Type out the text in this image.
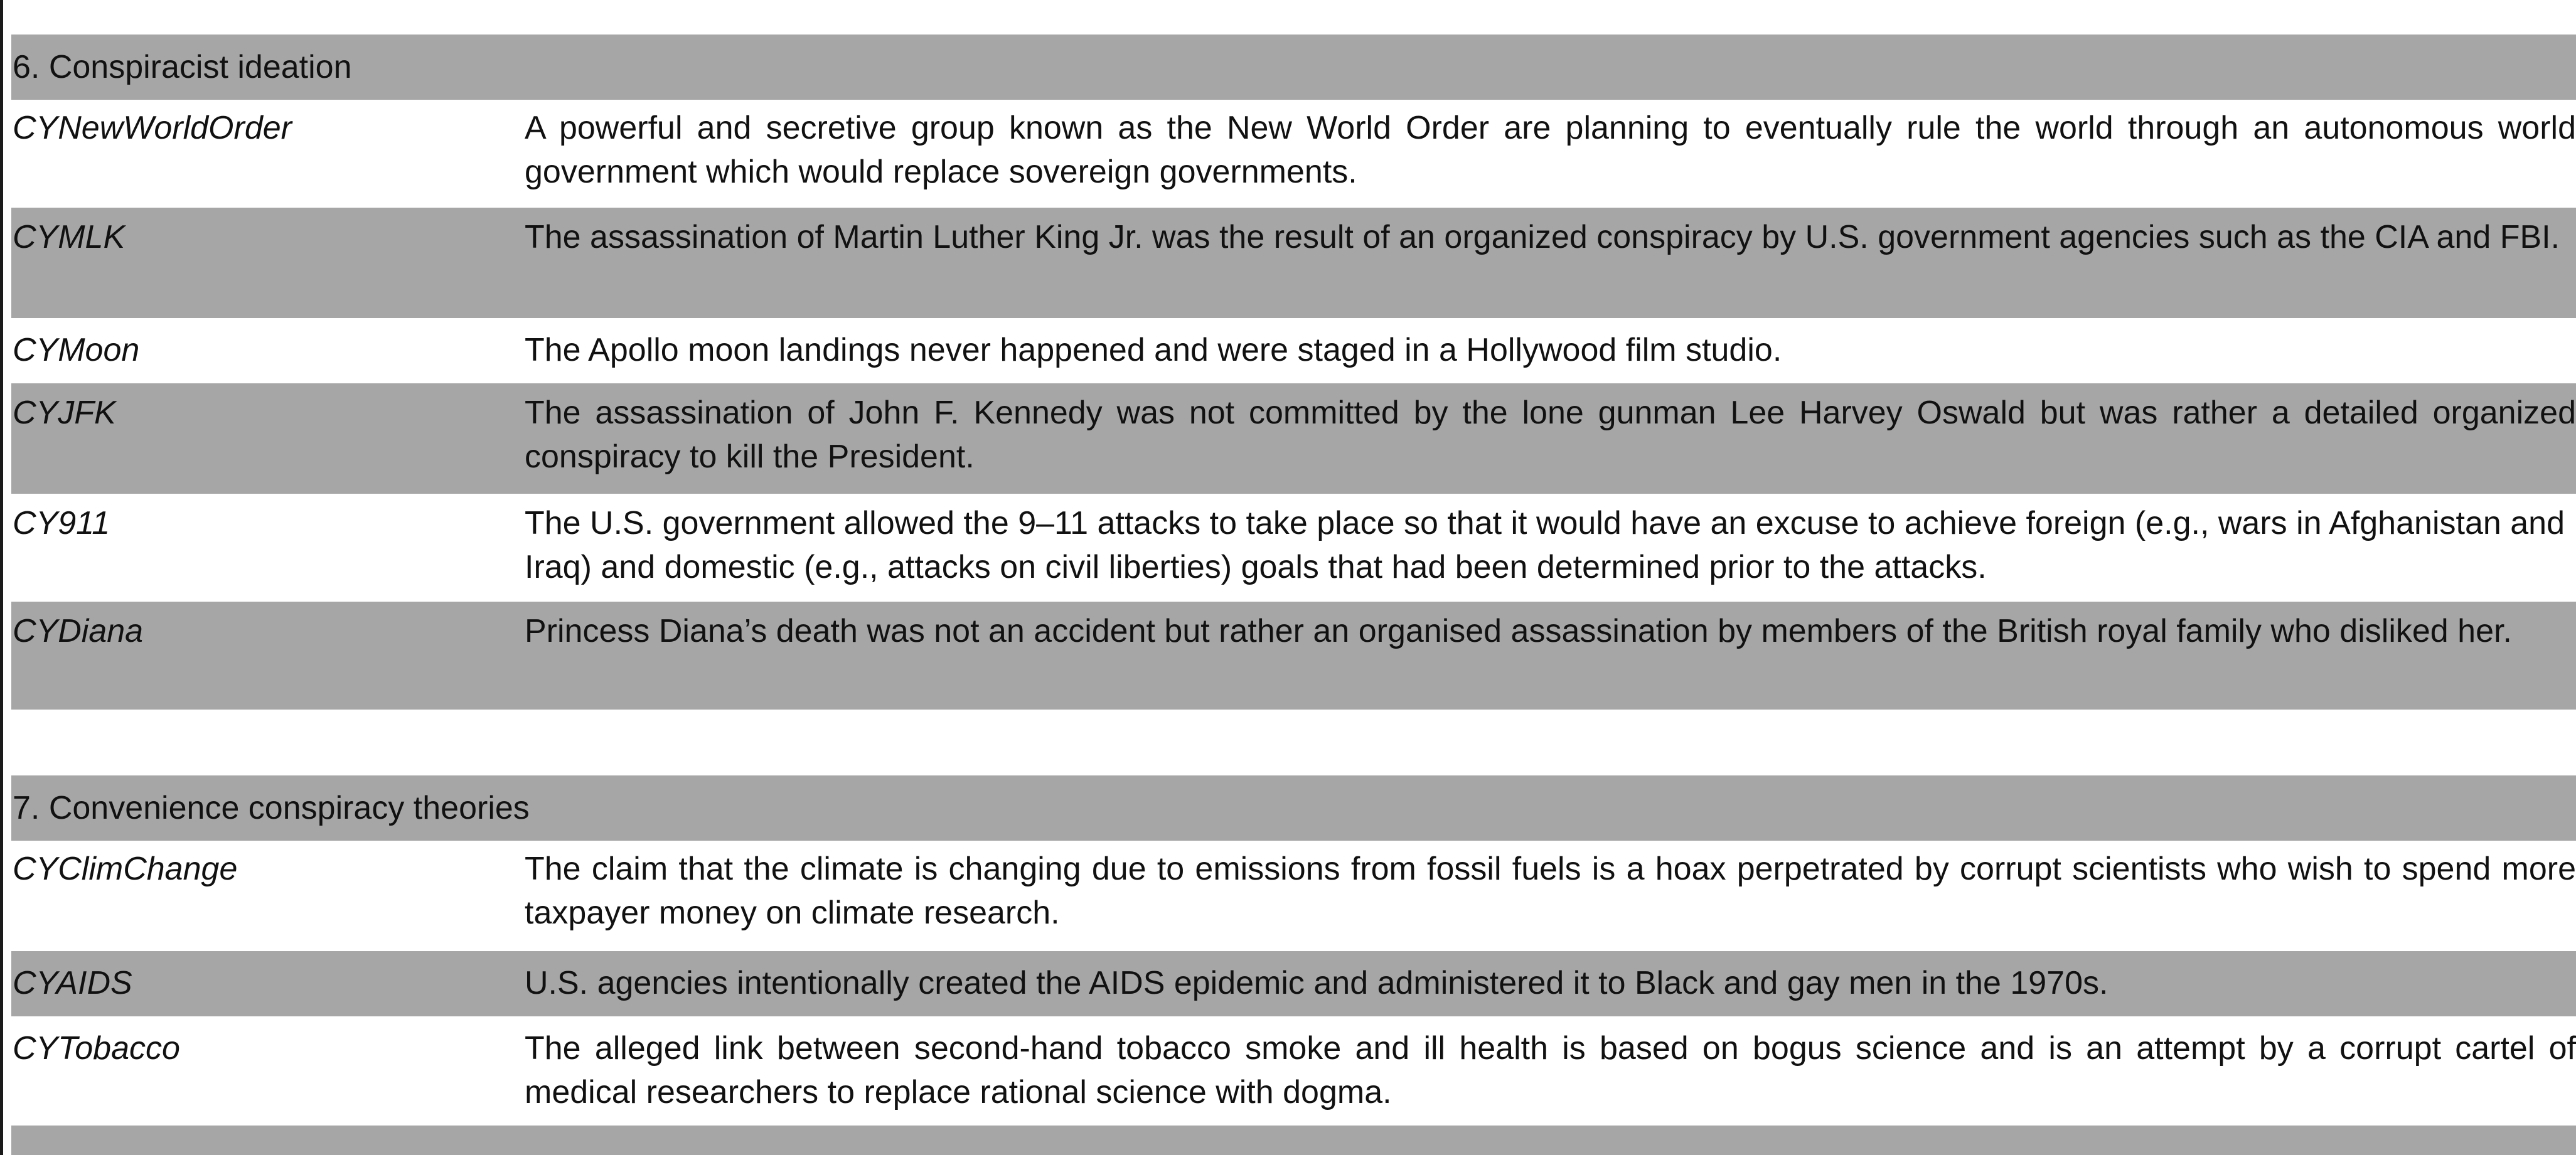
6. Conspiracist ideation
CYNewWorldOrder	A powerful and secretive group known as the New World Order are planning to eventually rule the world through an autonomous world government which would replace sovereign governments.
CYMLK	The assassination of Martin Luther King Jr. was the result of an organized conspiracy by U.S. government agencies such as the CIA and FBI.
CYMoon	The Apollo moon landings never happened and were staged in a Hollywood film studio.
CYJFK	The assassination of John F. Kennedy was not committed by the lone gunman Lee Harvey Oswald but was rather a detailed organized conspiracy to kill the President.
CY911	The U.S. government allowed the 9–11 attacks to take place so that it would have an excuse to achieve foreign (e.g., wars in Afghanistan and Iraq) and domestic (e.g., attacks on civil liberties) goals that had been determined prior to the attacks.
CYDiana	Princess Diana’s death was not an accident but rather an organised assassination by members of the British royal family who disliked her.
7. Convenience conspiracy theories
CYClimChange	The claim that the climate is changing due to emissions from fossil fuels is a hoax perpetrated by corrupt scientists who wish to spend more taxpayer money on climate research.
CYAIDS	U.S. agencies intentionally created the AIDS epidemic and administered it to Black and gay men in the 1970s.
CYTobacco	The alleged link between second-hand tobacco smoke and ill health is based on bogus science and is an attempt by a corrupt cartel of medical researchers to replace rational science with dogma.
